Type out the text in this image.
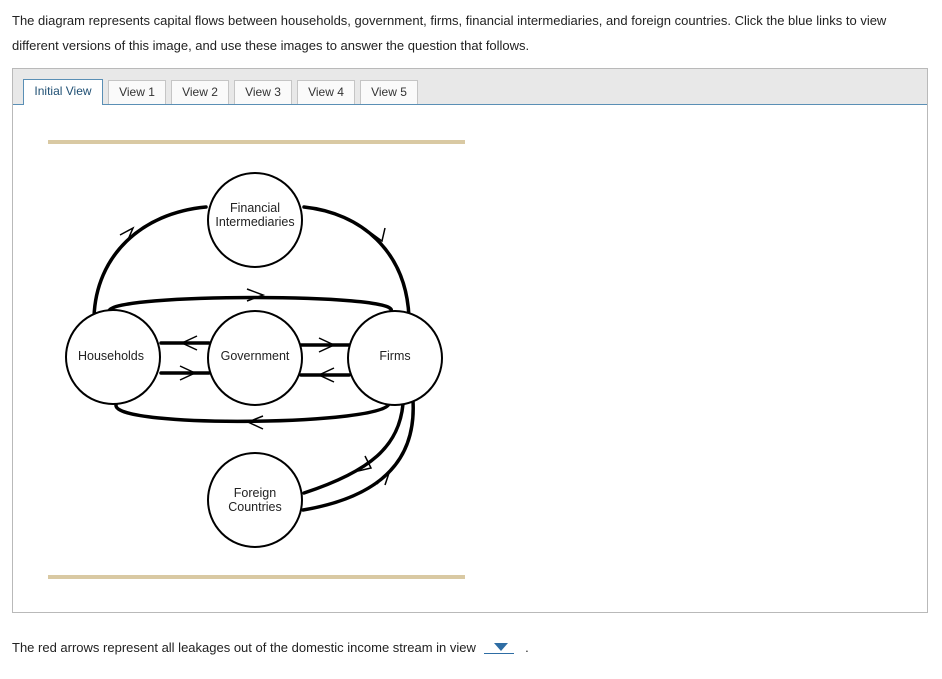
The diagram represents capital flows between households, government, firms, financial intermediaries, and foreign countries. Click the blue links to view different versions of this image, and use these images to answer the question that follows.

Initial View	View 1	View 2	View 3	View 4	View 5
Financial
Intermediaries
Households	Government	Firms
Foreign
Countries
The red arrows represent all leakages out of the domestic income stream in view	.
